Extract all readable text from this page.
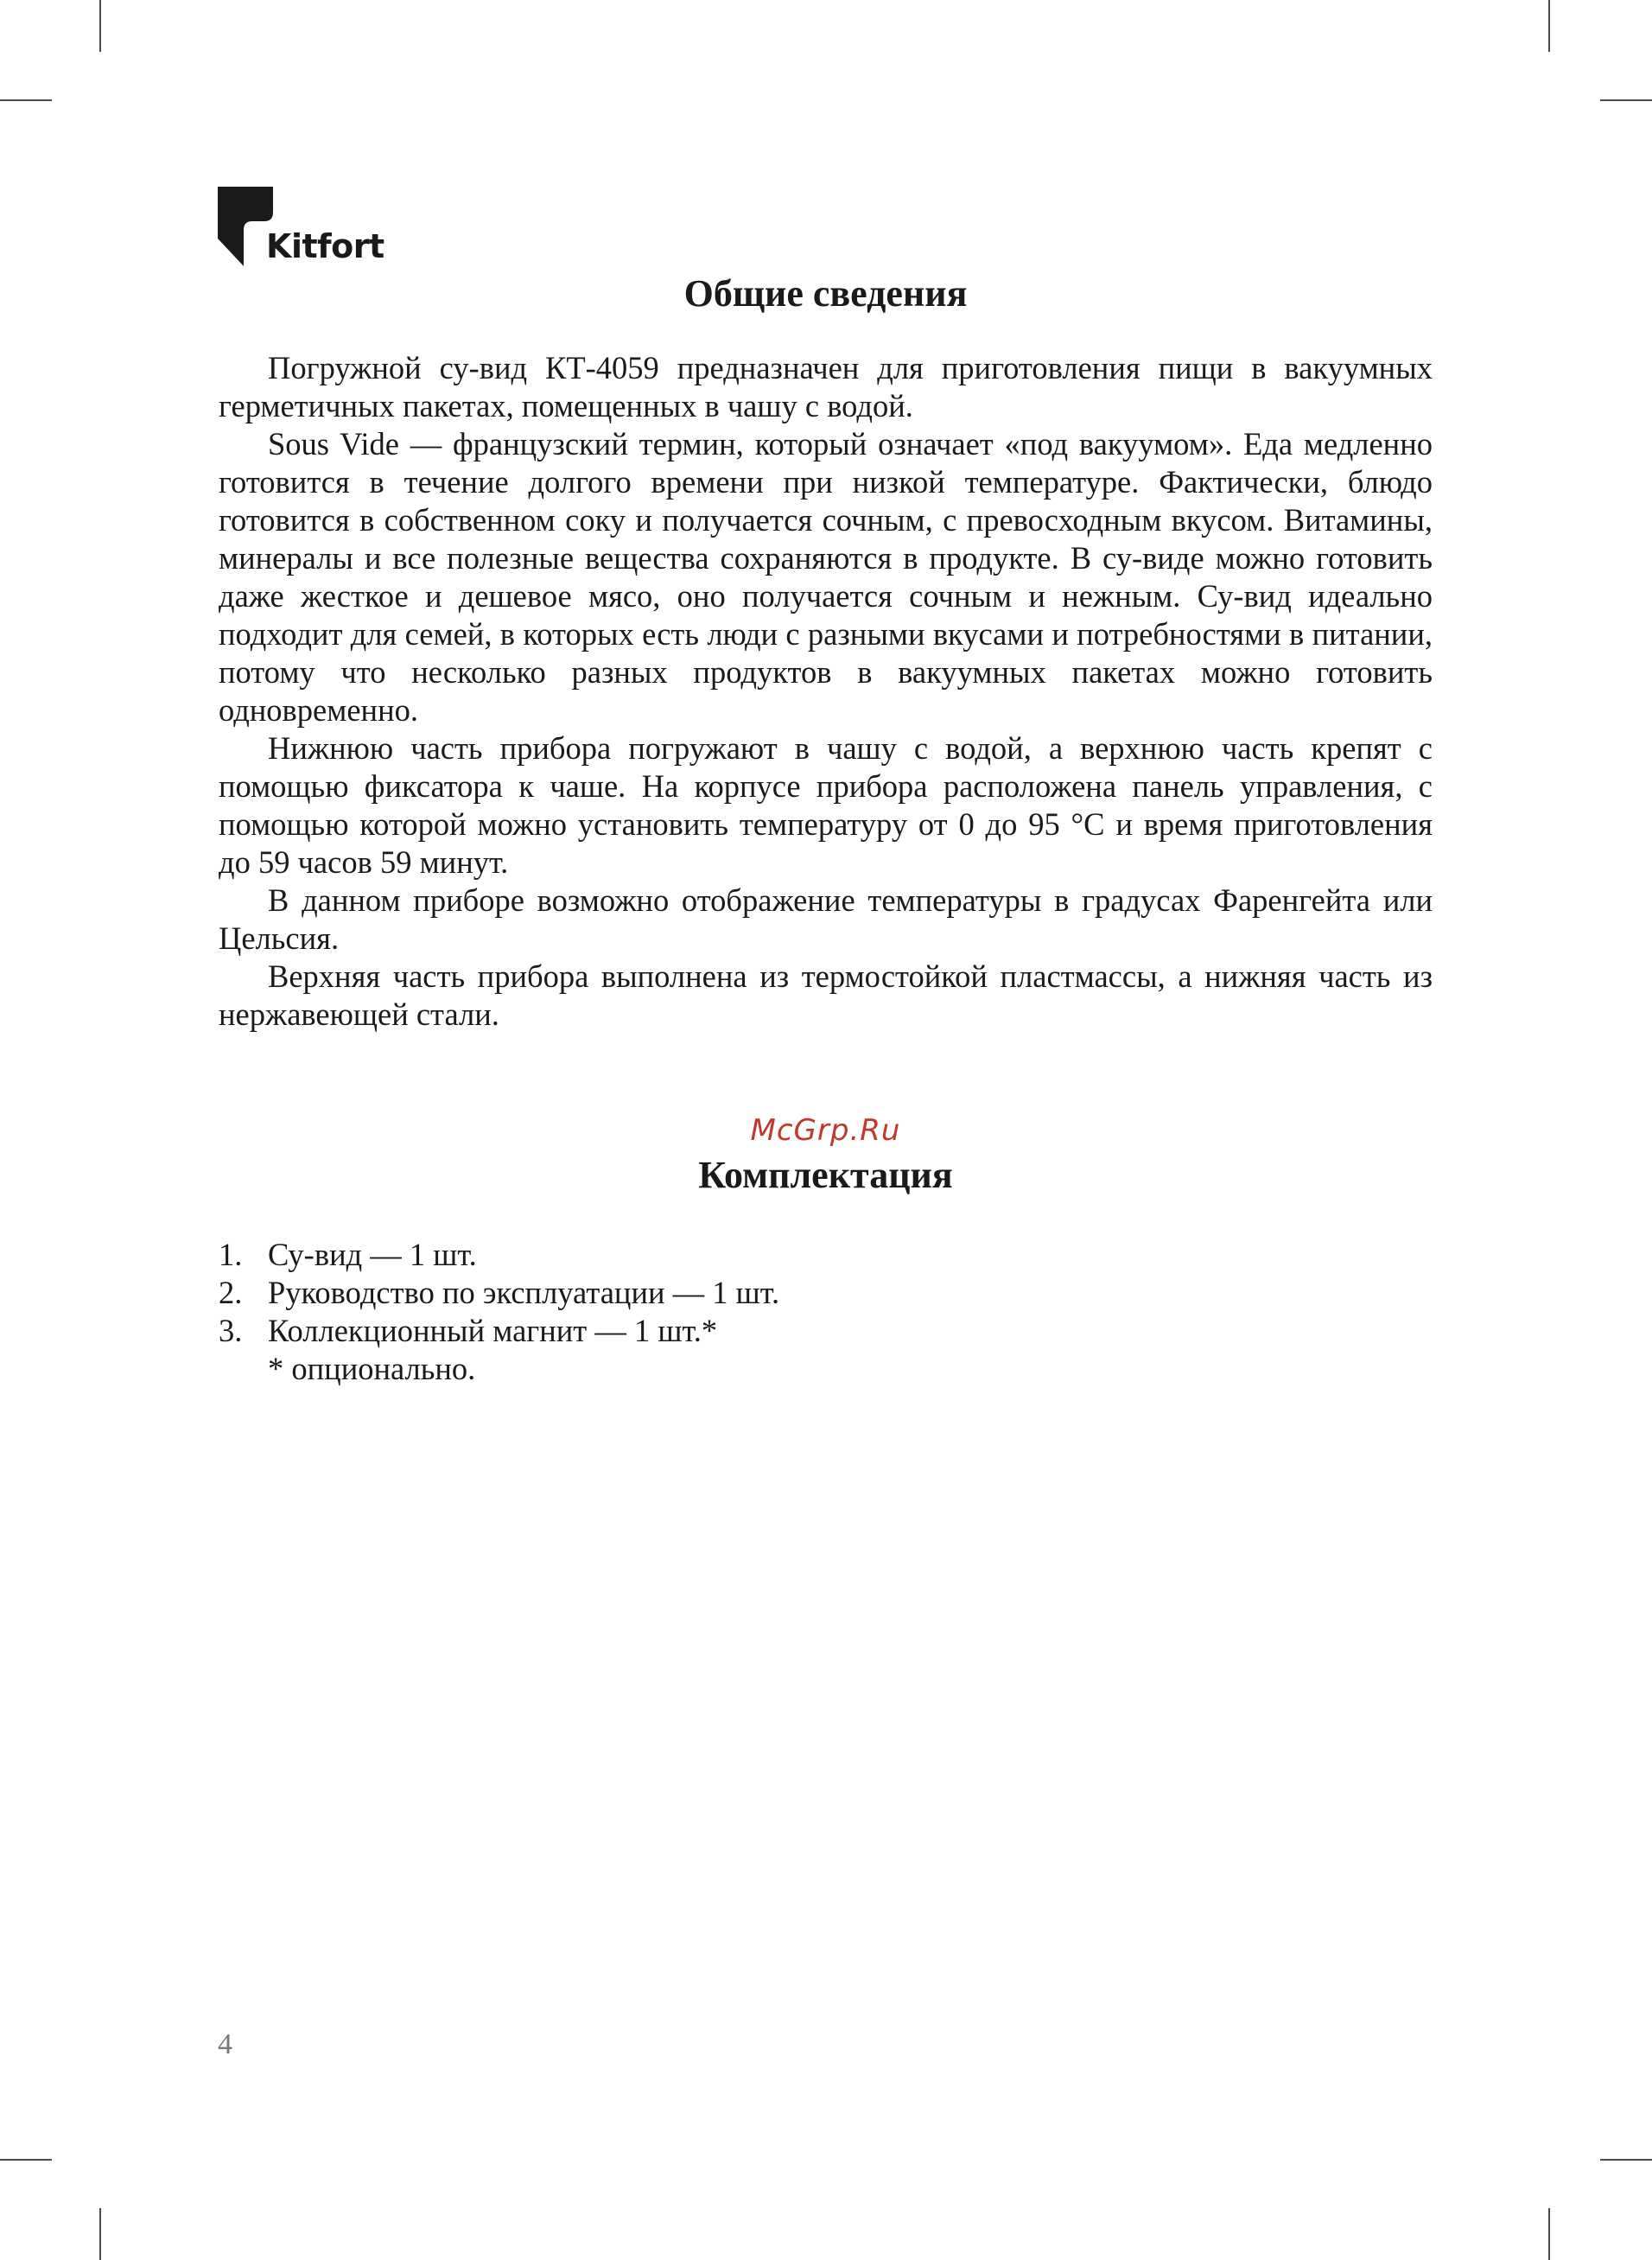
Kitfort
Общие сведения

Погружной су-вид КТ-4059 предназначен для приготовления пищи в вакуумных герметичных пакетах, помещенных в чашу с водой.

Sous Vide — французский термин, который означает «под вакуумом». Еда медленно готовится в течение долгого времени при низкой температуре. Фактически, блюдо готовится в собственном соку и получается сочным, с превосходным вкусом. Витамины, минералы и все полезные вещества сохраняются в продукте. В су-виде можно готовить даже жесткое и дешевое мясо, оно получается сочным и нежным. Су-вид идеально подходит для семей, в которых есть люди с разными вкусами и потребностями в питании, потому что несколько разных продуктов в вакуумных пакетах можно готовить одновременно.

Нижнюю часть прибора погружают в чашу с водой, а верхнюю часть крепят с помощью фиксатора к чаше. На корпусе прибора расположена панель управления, с помощью которой можно установить температуру от 0 до 95 °C и время приготовления до 59 часов 59 минут.

В данном приборе возможно отображение температуры в градусах Фаренгейта или Цельсия.

Верхняя часть прибора выполнена из термостойкой пластмассы, а нижняя часть из нержавеющей стали.

McGrp.Ru
Комплектация
1. Су-вид — 1 шт.
2. Руководство по эксплуатации — 1 шт.
3. Коллекционный магнит — 1 шт.*
* опционально.
4
